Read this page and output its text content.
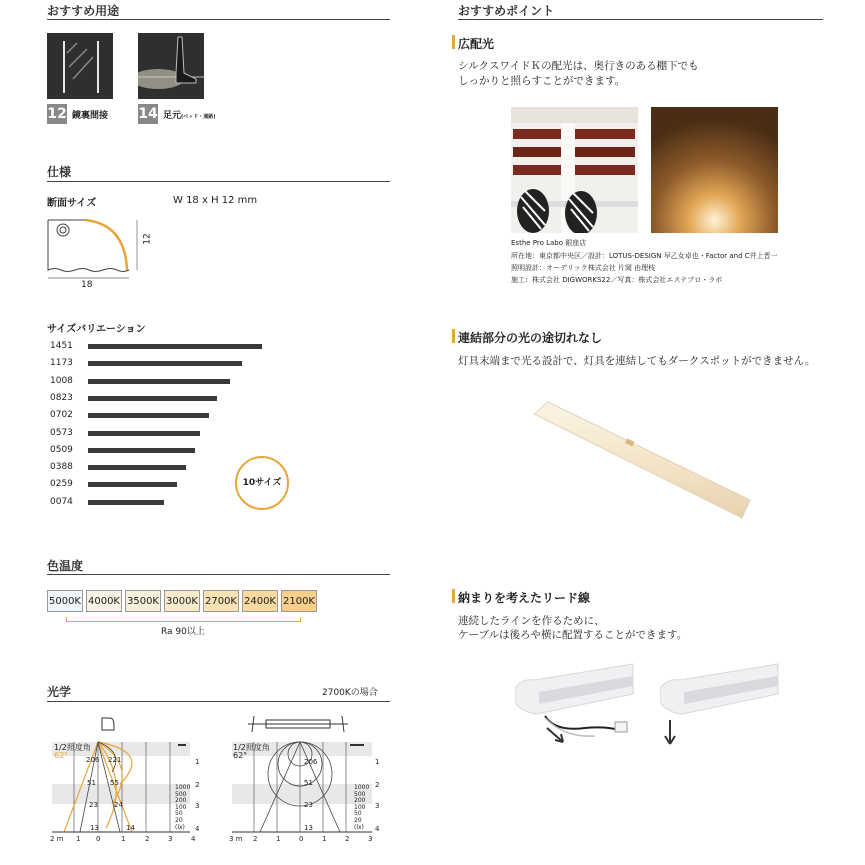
おすすめ用途
12 鏡裏間接 14 足元(ベッド・通路)
仕様
断面サイズ	W 18 x H 12 mm
12
18
サイズバリエーション
1451
1173
1008
0823
0702
0573
0509
0388
0259
0074
10サイズ
色温度
5000K 4000K 3500K 3000K 2700K 2400K 2100K
Ra 90以上
光学	2700Kの場合
1/2照度角
62°	206 221
55
51
23 24
13	14
2 m 1 0	1	2	3	4
1
2
3
4
1000
500
200
100
50
20
(lx)
1/2照度角
62°
206
51
23
13
3 m 2	1	0	1	2	3
1
2
3
4
1000
500
200
100
50
20
(lx)
おすすめポイント
広配光
シルクスワイドＫの配光は、奥行きのある棚下でも
しっかりと照らすことができます。
Esthe Pro Labo 銀座店
所在地：東京都中央区／設計：LOTUS-DESIGN 早乙女卓也・Factor and C井上晋一
照明設計：オーデリック株式会社 片岡 由理枝
施工：株式会社 DIGWORKS22／写真：株式会社エステプロ・ラボ
連結部分の光の途切れなし
灯具末端まで光る設計で、灯具を連結してもダークスポットができません。
納まりを考えたリード線
連続したラインを作るために、
ケーブルは後ろや横に配置することができます。
